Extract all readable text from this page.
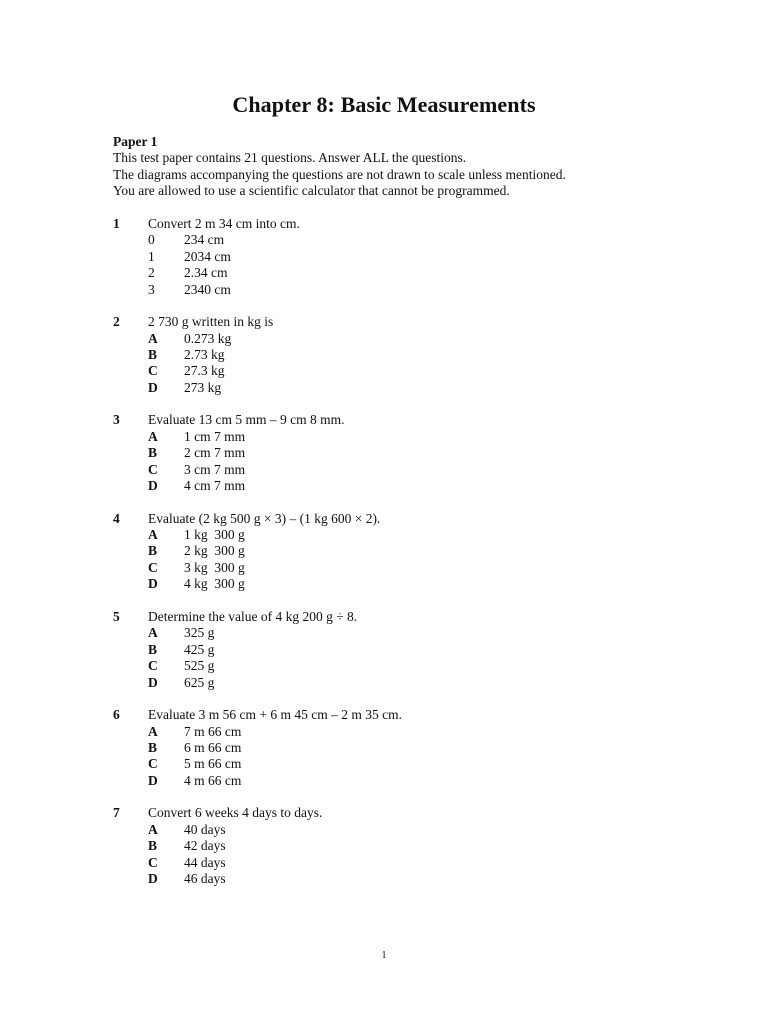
Chapter 8: Basic Measurements
Paper 1
This test paper contains 21 questions. Answer ALL the questions.
The diagrams accompanying the questions are not drawn to scale unless mentioned.
You are allowed to use a scientific calculator that cannot be programmed.
1 Convert 2 m 34 cm into cm.
0 234 cm
1 2034 cm
2 2.34 cm
3 2340 cm
2 2 730 g written in kg is
A 0.273 kg
B 2.73 kg
C 27.3 kg
D 273 kg
3 Evaluate 13 cm 5 mm – 9 cm 8 mm.
A 1 cm 7 mm
B 2 cm 7 mm
C 3 cm 7 mm
D 4 cm 7 mm
4 Evaluate (2 kg 500 g × 3) – (1 kg 600 × 2).
A 1 kg  300 g
B 2 kg  300 g
C 3 kg  300 g
D 4 kg  300 g
5 Determine the value of 4 kg 200 g ÷ 8.
A 325 g
B 425 g
C 525 g
D 625 g
6 Evaluate 3 m 56 cm + 6 m 45 cm – 2 m 35 cm.
A 7 m 66 cm
B 6 m 66 cm
C 5 m 66 cm
D 4 m 66 cm
7 Convert 6 weeks 4 days to days.
A 40 days
B 42 days
C 44 days
D 46 days
1
